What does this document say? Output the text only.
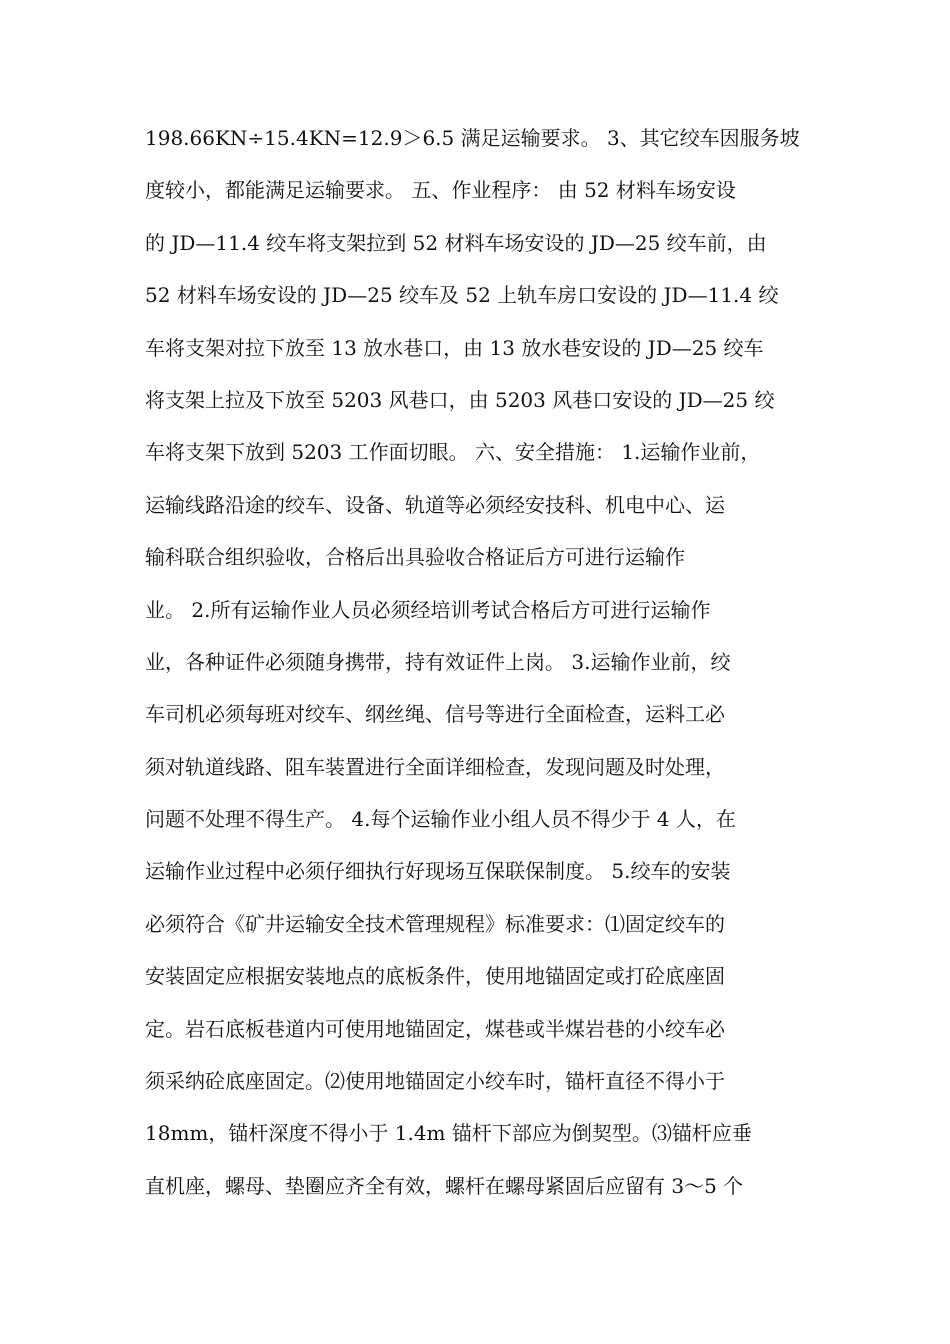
198.66KN÷15.4KN=12.9＞6.5 满足运输要求。 3、其它绞车因服务坡
度较小，都能满足运输要求。 五、作业程序： 由 52 材料车场安设
的 JD—11.4 绞车将支架拉到 52 材料车场安设的 JD—25 绞车前，由
52 材料车场安设的 JD—25 绞车及 52 上轨车房口安设的 JD—11.4 绞
车将支架对拉下放至 13 放水巷口，由 13 放水巷安设的 JD—25 绞车
将支架上拉及下放至 5203 风巷口，由 5203 风巷口安设的 JD—25 绞
车将支架下放到 5203 工作面切眼。 六、安全措施： 1.运输作业前，
运输线路沿途的绞车、设备、轨道等必须经安技科、机电中心、运
输科联合组织验收，合格后出具验收合格证后方可进行运输作
业。 2.所有运输作业人员必须经培训考试合格后方可进行运输作
业，各种证件必须随身携带，持有效证件上岗。 3.运输作业前，绞
车司机必须每班对绞车、纲丝绳、信号等进行全面检查，运料工必
须对轨道线路、阻车装置进行全面详细检查，发现问题及时处理，
问题不处理不得生产。 4.每个运输作业小组人员不得少于 4 人，在
运输作业过程中必须仔细执行好现场互保联保制度。 5.绞车的安装
必须符合《矿井运输安全技术管理规程》标准要求：⑴固定绞车的
安装固定应根据安装地点的底板条件，使用地锚固定或打砼底座固
定。岩石底板巷道内可使用地锚固定，煤巷或半煤岩巷的小绞车必
须采纳砼底座固定。⑵使用地锚固定小绞车时，锚杆直径不得小于
18mm，锚杆深度不得小于 1.4m 锚杆下部应为倒契型。⑶锚杆应垂
直机座，螺母、垫圈应齐全有效，螺杆在螺母紧固后应留有 3～5 个
